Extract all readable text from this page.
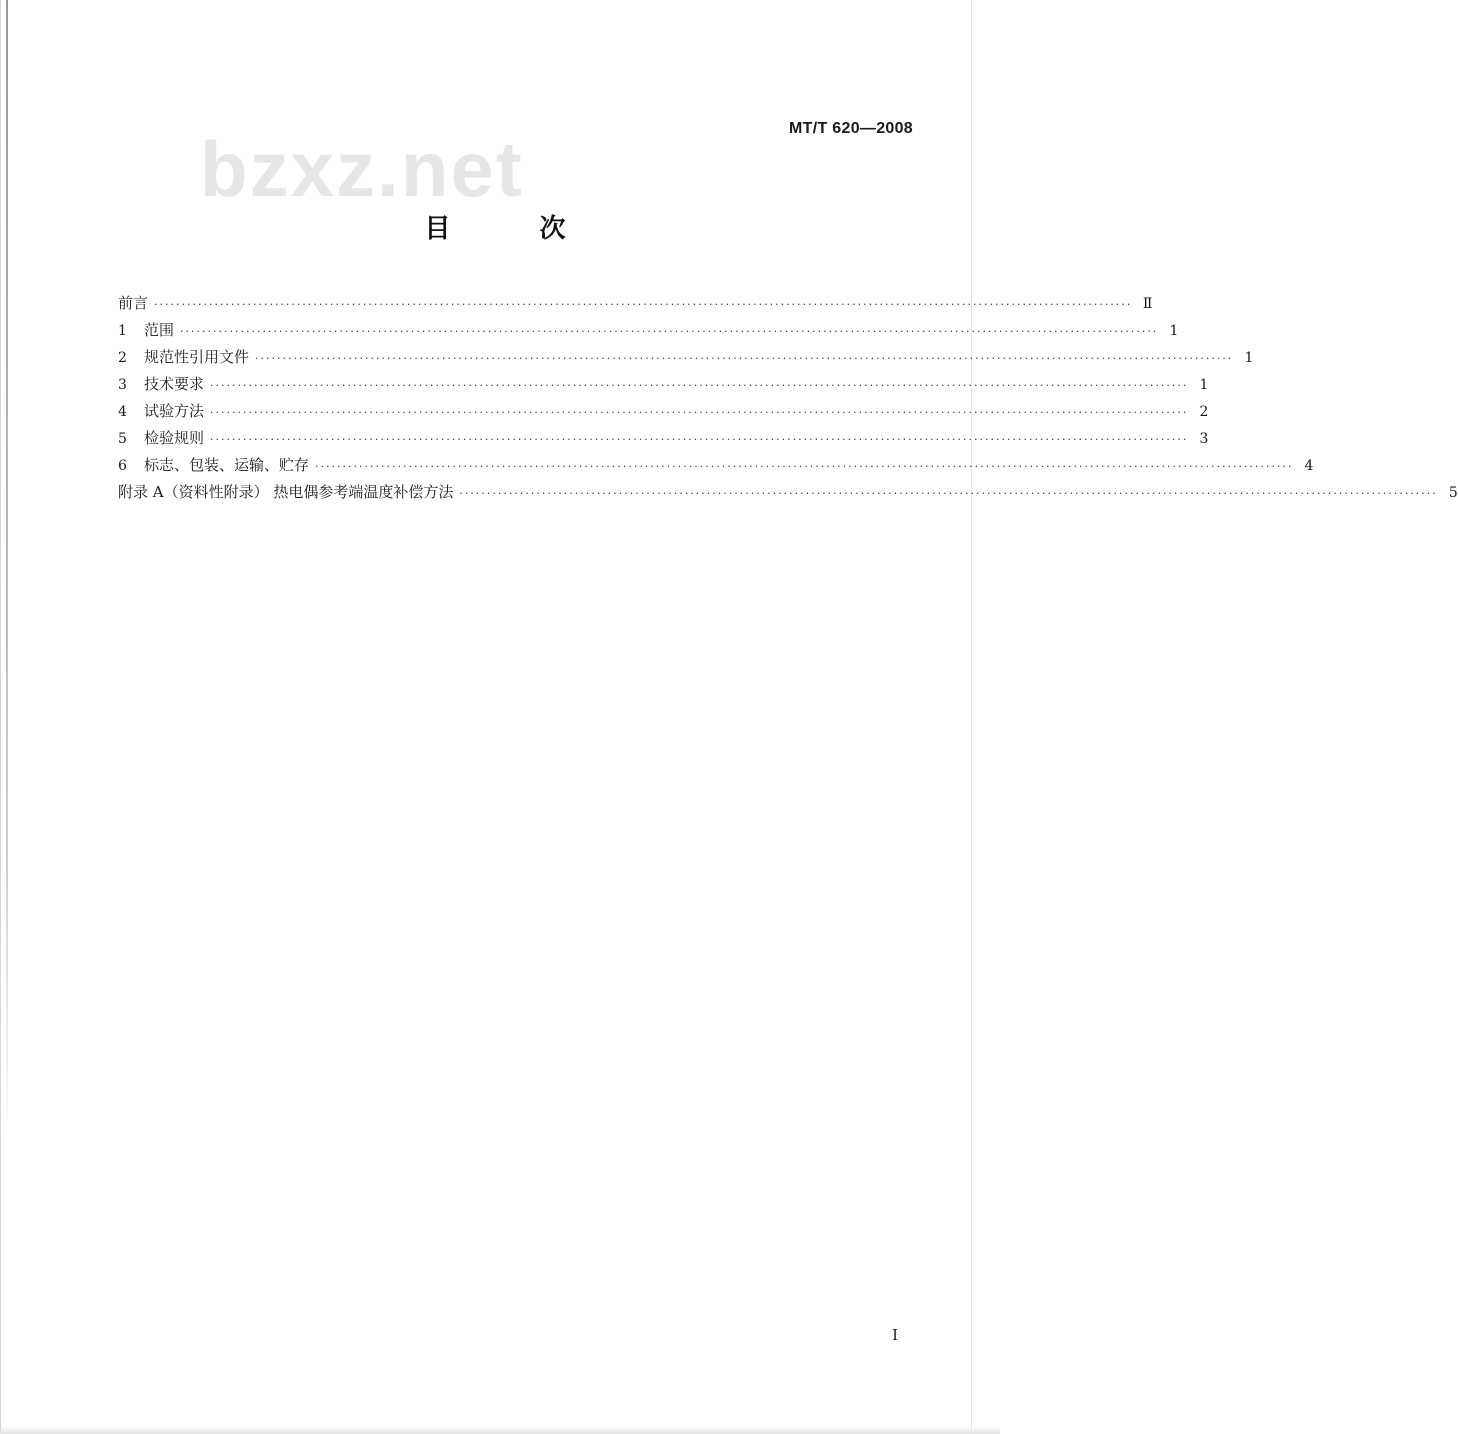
bzxz.net	MT/T 620—2008
目 次
前言 ·················································································································································································· Ⅱ
1	范围 ·················································································································································································· 1
2	规范性引用文件 ·················································································································································································· 1
3	技术要求 ·················································································································································································· 1
4	试验方法 ·················································································································································································· 2
5	检验规则 ·················································································································································································· 3
6	标志、包装、运输、贮存 ·················································································································································································· 4
附录 A（资料性附录） 热电偶参考端温度补偿方法 ·················································································································································································· 5
I
